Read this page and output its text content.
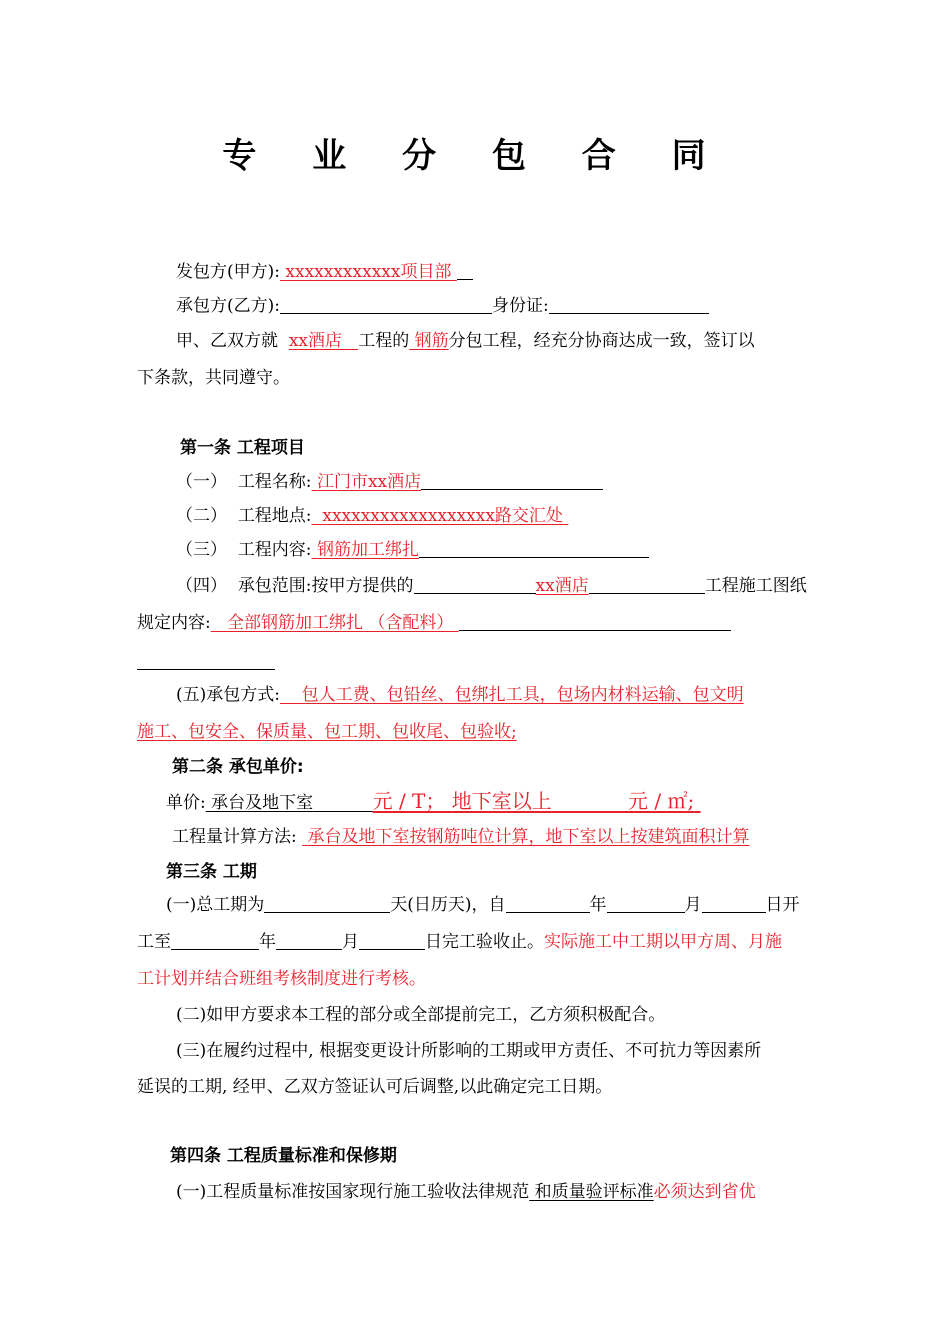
专 业 分 包 合 同
发包方(甲方): xxxxxxxxxxxx项目部
承包方(乙方):	身份证:
甲、乙双方就 xx酒店 工程的 钢筋分包工程，经充分协商达成一致，签订以
下条款，共同遵守。
第一条 工程项目
（一） 工程名称: 江门市xx酒店
（二） 工程地点: xxxxxxxxxxxxxxxxxx路交汇处
（三） 工程内容: 钢筋加工绑扎
（四） 承包范围:按甲方提供的	xx酒店	工程施工图纸
规定内容: 全部钢筋加工绑扎 （含配料）
(五)承包方式: 包人工费、包铅丝、包绑扎工具，包场内材料运输、包文明
施工、包安全、保质量、包工期、包收尾、包验收;
第二条 承包单价:
单价: 承台及地下室	元 / T； 地下室以上	元 / ㎡;
工程量计算方法: 承台及地下室按钢筋吨位计算，地下室以上按建筑面积计算
第三条 工期
(一)总工期为	天(日历天)，自	年	月	日开
工至	年	月	日完工验收止。实际施工中工期以甲方周、月施
工计划并结合班组考核制度进行考核。
(二)如甲方要求本工程的部分或全部提前完工，乙方须积极配合。
(三)在履约过程中, 根据变更设计所影响的工期或甲方责任、不可抗力等因素所
延误的工期, 经甲、乙双方签证认可后调整,以此确定完工日期。
第四条 工程质量标准和保修期
(一)工程质量标准按国家现行施工验收法律规范 和质量验评标准必须达到省优
